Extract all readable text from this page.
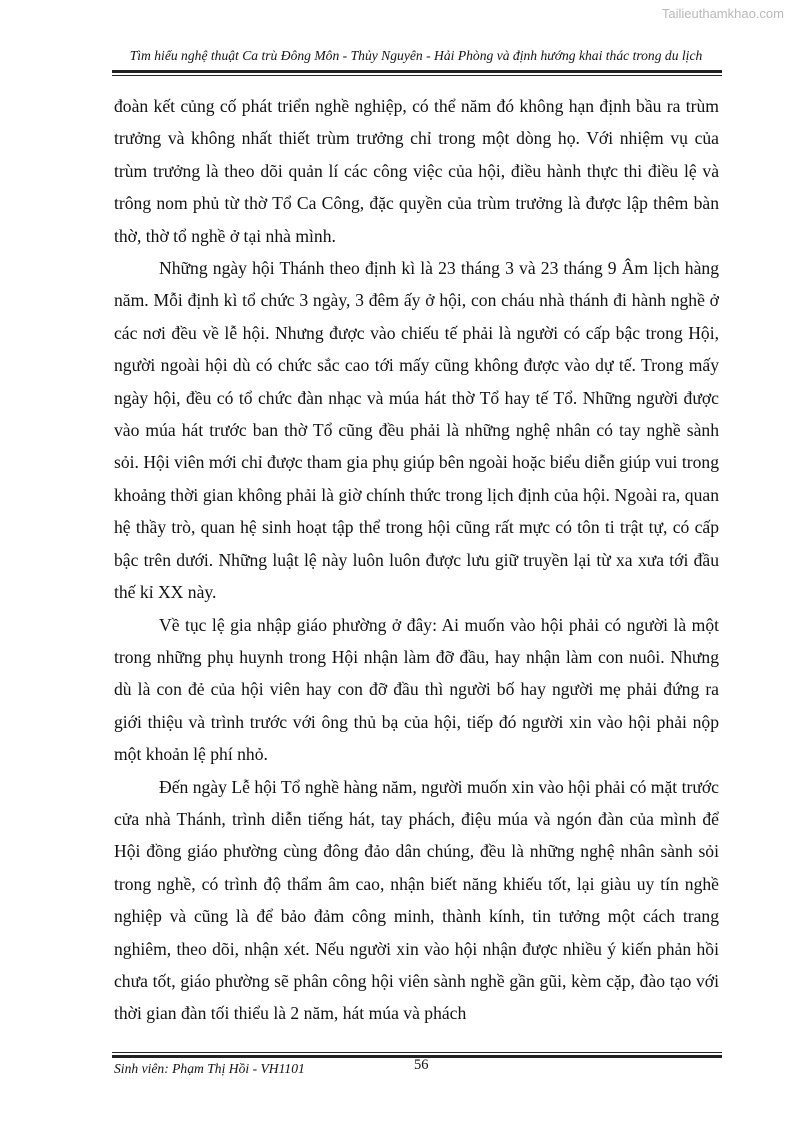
Tailieuthamkhao.com
Tìm hiểu nghệ thuật Ca trù Đông Môn - Thủy Nguyên - Hải Phòng và định hướng khai thác trong du lịch

đoàn kết củng cố phát triển nghề nghiệp, có thể năm đó không hạn định bầu ra trùm trưởng và không nhất thiết trùm trưởng chỉ trong một dòng họ. Với nhiệm vụ của trùm trưởng là theo dõi quản lí các công việc của hội, điều hành thực thi điều lệ và trông nom phủ từ thờ Tổ Ca Công, đặc quyền của trùm trưởng là được lập thêm bàn thờ, thờ tổ nghề ở tại nhà mình.

Những ngày hội Thánh theo định kì là 23 tháng 3 và 23 tháng 9 Âm lịch hàng năm. Mỗi định kì tổ chức 3 ngày, 3 đêm ấy ở hội, con cháu nhà thánh đi hành nghề ở các nơi đều về lễ hội. Nhưng được vào chiếu tế phải là người có cấp bậc trong Hội, người ngoài hội dù có chức sắc cao tới mấy cũng không được vào dự tế. Trong mấy ngày hội, đều có tổ chức đàn nhạc và múa hát thờ Tổ hay tế Tổ. Những người được vào múa hát trước ban thờ Tổ cũng đều phải là những nghệ nhân có tay nghề sành sỏi. Hội viên mới chỉ được tham gia phụ giúp bên ngoài hoặc biểu diễn giúp vui trong khoảng thời gian không phải là giờ chính thức trong lịch định của hội. Ngoài ra, quan hệ thầy trò, quan hệ sinh hoạt tập thể trong hội cũng rất mực có tôn ti trật tự, có cấp bậc trên dưới. Những luật lệ này luôn luôn được lưu giữ truyền lại từ xa xưa tới đầu thế kỉ XX này.

Về tục lệ gia nhập giáo phường ở đây: Ai muốn vào hội phải có người là một trong những phụ huynh trong Hội nhận làm đỡ đầu, hay nhận làm con nuôi. Nhưng dù là con đẻ của hội viên hay con đỡ đầu thì người bố hay người mẹ phải đứng ra giới thiệu và trình trước với ông thủ bạ của hội, tiếp đó người xin vào hội phải nộp một khoản lệ phí nhỏ.

Đến ngày Lễ hội Tổ nghề hàng năm, người muốn xin vào hội phải có mặt trước cửa nhà Thánh, trình diễn tiếng hát, tay phách, điệu múa và ngón đàn của mình để Hội đồng giáo phường cùng đông đảo dân chúng, đều là những nghệ nhân sành sỏi trong nghề, có trình độ thẩm âm cao, nhận biết năng khiếu tốt, lại giàu uy tín nghề nghiệp và cũng là để bảo đảm công minh, thành kính, tin tưởng một cách trang nghiêm, theo dõi, nhận xét. Nếu người xin vào hội nhận được nhiều ý kiến phản hồi chưa tốt, giáo phường sẽ phân công hội viên sành nghề gần gũi, kèm cặp, đào tạo với thời gian đàn tối thiểu là 2 năm, hát múa và phách

Sinh viên: Phạm Thị Hồi - VH1101	56
